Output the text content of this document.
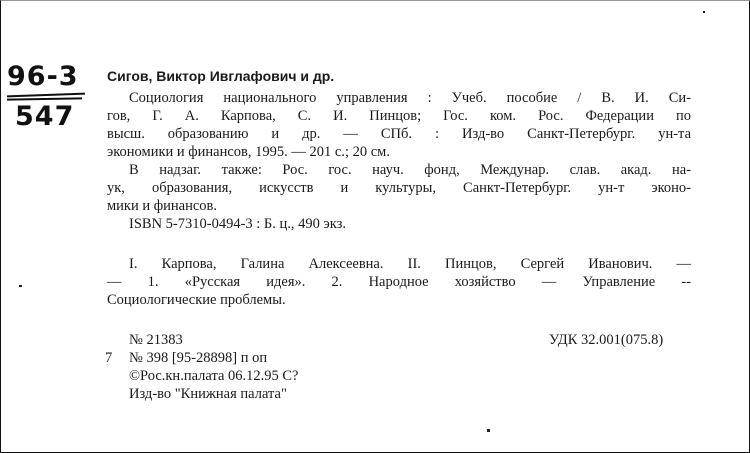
96-3
547
Сигов, Виктор Ивглафович и др.
Социология национального управления : Учеб. пособие / В. И. Си-
гов, Г. А. Карпова, С. И. Пинцов; Гос. ком. Рос. Федерации по
высш. образованию и др. — СПб. : Изд-во Санкт-Петербург. ун-та
экономики и финансов, 1995. — 201 с.; 20 см.
В надзаг. также: Рос. гос. науч. фонд, Междунар. слав. акад. на-
ук, образования, искусств и культуры, Санкт-Петербург. ун-т эконо-
мики и финансов.
ISBN 5-7310-0494-3 : Б. ц., 490 экз.
I. Карпова, Галина Алексеевна. II. Пинцов, Сергей Иванович. —
— 1. «Русская идея». 2. Народное хозяйство — Управление --
Социологические проблемы.
№ 21383	УДК 32.001(075.8)
7 № 398 [95-28898] п оп
©Рос.кн.палата 06.12.95 С?
Изд-во "Книжная палата"
